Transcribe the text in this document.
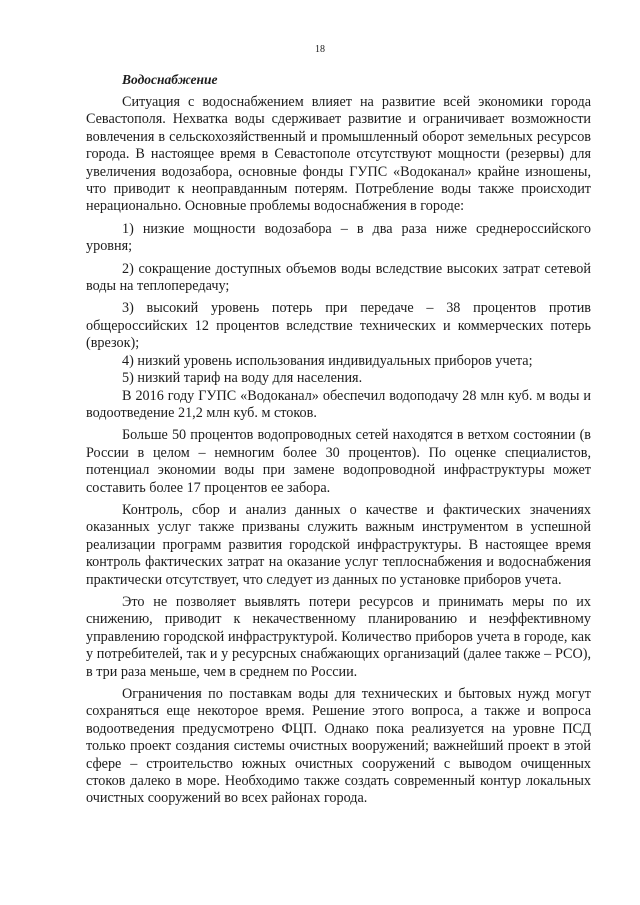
18
Водоснабжение

Ситуация с водоснабжением влияет на развитие всей экономики города Севастополя. Нехватка воды сдерживает развитие и ограничивает возможности вовлечения в сельскохозяйственный и промышленный оборот земельных ресурсов города. В настоящее время в Севастополе отсутствуют мощности (резервы) для увеличения водозабора, основные фонды ГУПС «Водоканал» крайне изношены, что приводит к неоправданным потерям. Потребление воды также происходит нерационально. Основные проблемы водоснабжения в городе:

1) низкие мощности водозабора – в два раза ниже среднероссийского уровня;

2) сокращение доступных объемов воды вследствие высоких затрат сетевой воды на теплопередачу;

3) высокий уровень потерь при передаче – 38 процентов против общероссийских 12 процентов вследствие технических и коммерческих потерь (врезок);

4) низкий уровень использования индивидуальных приборов учета;

5) низкий тариф на воду для населения.

В 2016 году ГУПС «Водоканал» обеспечил водоподачу 28 млн куб. м воды и водоотведение 21,2 млн куб. м стоков.

Больше 50 процентов водопроводных сетей находятся в ветхом состоянии (в России в целом – немногим более 30 процентов). По оценке специалистов, потенциал экономии воды при замене водопроводной инфраструктуры может составить более 17 процентов ее забора.

Контроль, сбор и анализ данных о качестве и фактических значениях оказанных услуг также призваны служить важным инструментом в успешной реализации программ развития городской инфраструктуры. В настоящее время контроль фактических затрат на оказание услуг теплоснабжения и водоснабжения практически отсутствует, что следует из данных по установке приборов учета.

Это не позволяет выявлять потери ресурсов и принимать меры по их снижению, приводит к некачественному планированию и неэффективному управлению городской инфраструктурой. Количество приборов учета в городе, как у потребителей, так и у ресурсных снабжающих организаций (далее также – РСО), в три раза меньше, чем в среднем по России.

Ограничения по поставкам воды для технических и бытовых нужд могут сохраняться еще некоторое время. Решение этого вопроса, а также и вопроса водоотведения предусмотрено ФЦП. Однако пока реализуется на уровне ПСД только проект создания системы очистных вооружений; важнейший проект в этой сфере – строительство южных очистных сооружений с выводом очищенных стоков далеко в море. Необходимо также создать современный контур локальных очистных сооружений во всех районах города.
